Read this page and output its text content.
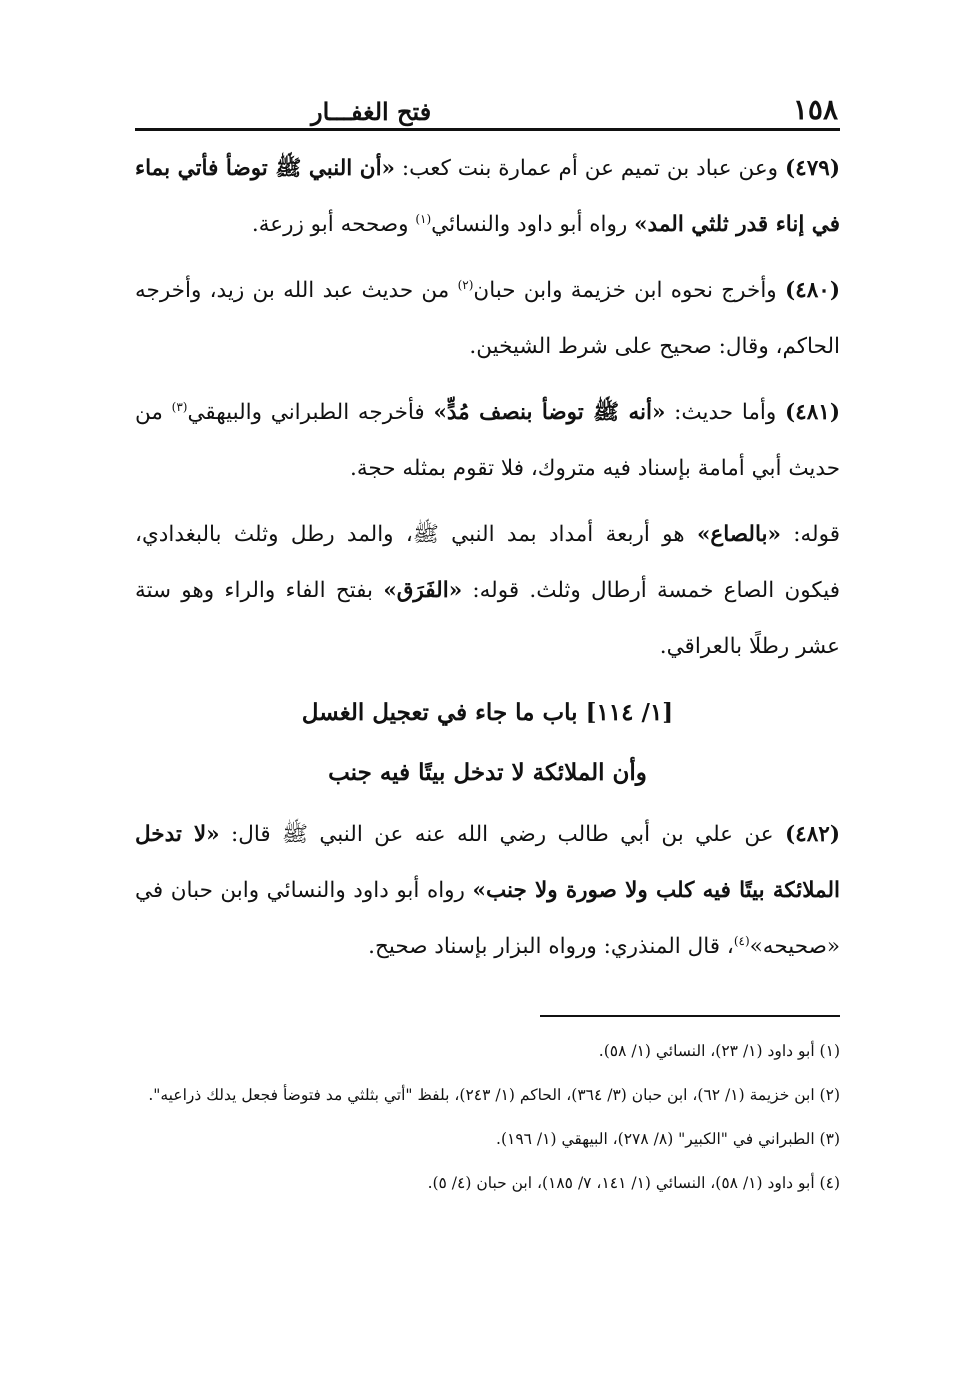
١٥٨
فتح الغفـــار

(٤٧٩) وعن عباد بن تميم عن أم عمارة بنت كعب: «أن النبي ﷺ توضأ فأتي بماء في إناء قدر ثلثي المد» رواه أبو داود والنسائي$^{(١)}$ وصححه أبو زرعة.

(٤٨٠) وأخرج نحوه ابن خزيمة وابن حبان$^{(٢)}$ من حديث عبد الله بن زيد، وأخرجه الحاكم، وقال: صحيح على شرط الشيخين.

(٤٨١) وأما حديث: «أنه ﷺ توضأ بنصف مُدٍّ» فأخرجه الطبراني والبيهقي$^{(٣)}$ من حديث أبي أمامة بإسناد فيه متروك، فلا تقوم بمثله حجة.

قوله: «بالصاع» هو أربعة أمداد بمد النبي ﷺ، والمد رطل وثلث بالبغدادي، فيكون الصاع خمسة أرطال وثلث. قوله: «الفَرَق» بفتح الفاء والراء وهو ستة عشر رطلًا بالعراقي.

[١/ ١١٤] باب ما جاء في تعجيل الغسل
وأن الملائكة لا تدخل بيتًا فيه جنب

(٤٨٢) عن علي بن أبي طالب رضي الله عنه عن النبي ﷺ قال: «لا تدخل الملائكة بيتًا فيه كلب ولا صورة ولا جنب» رواه أبو داود والنسائي وابن حبان في «صحيحه»$^{(٤)}$، قال المنذري: ورواه البزار بإسناد صحيح.

(١) أبو داود (١/ ٢٣)، النسائي (١/ ٥٨).

(٢) ابن خزيمة (١/ ٦٢)، ابن حبان (٣/ ٣٦٤)، الحاكم (١/ ٢٤٣)، بلفظ "أتي بثلثي مد فتوضأ فجعل يدلك ذراعيه".

(٣) الطبراني في "الكبير" (٨/ ٢٧٨)، البيهقي (١/ ١٩٦).

(٤) أبو داود (١/ ٥٨)، النسائي (١/ ١٤١، ٧/ ١٨٥)، ابن حبان (٤/ ٥).
